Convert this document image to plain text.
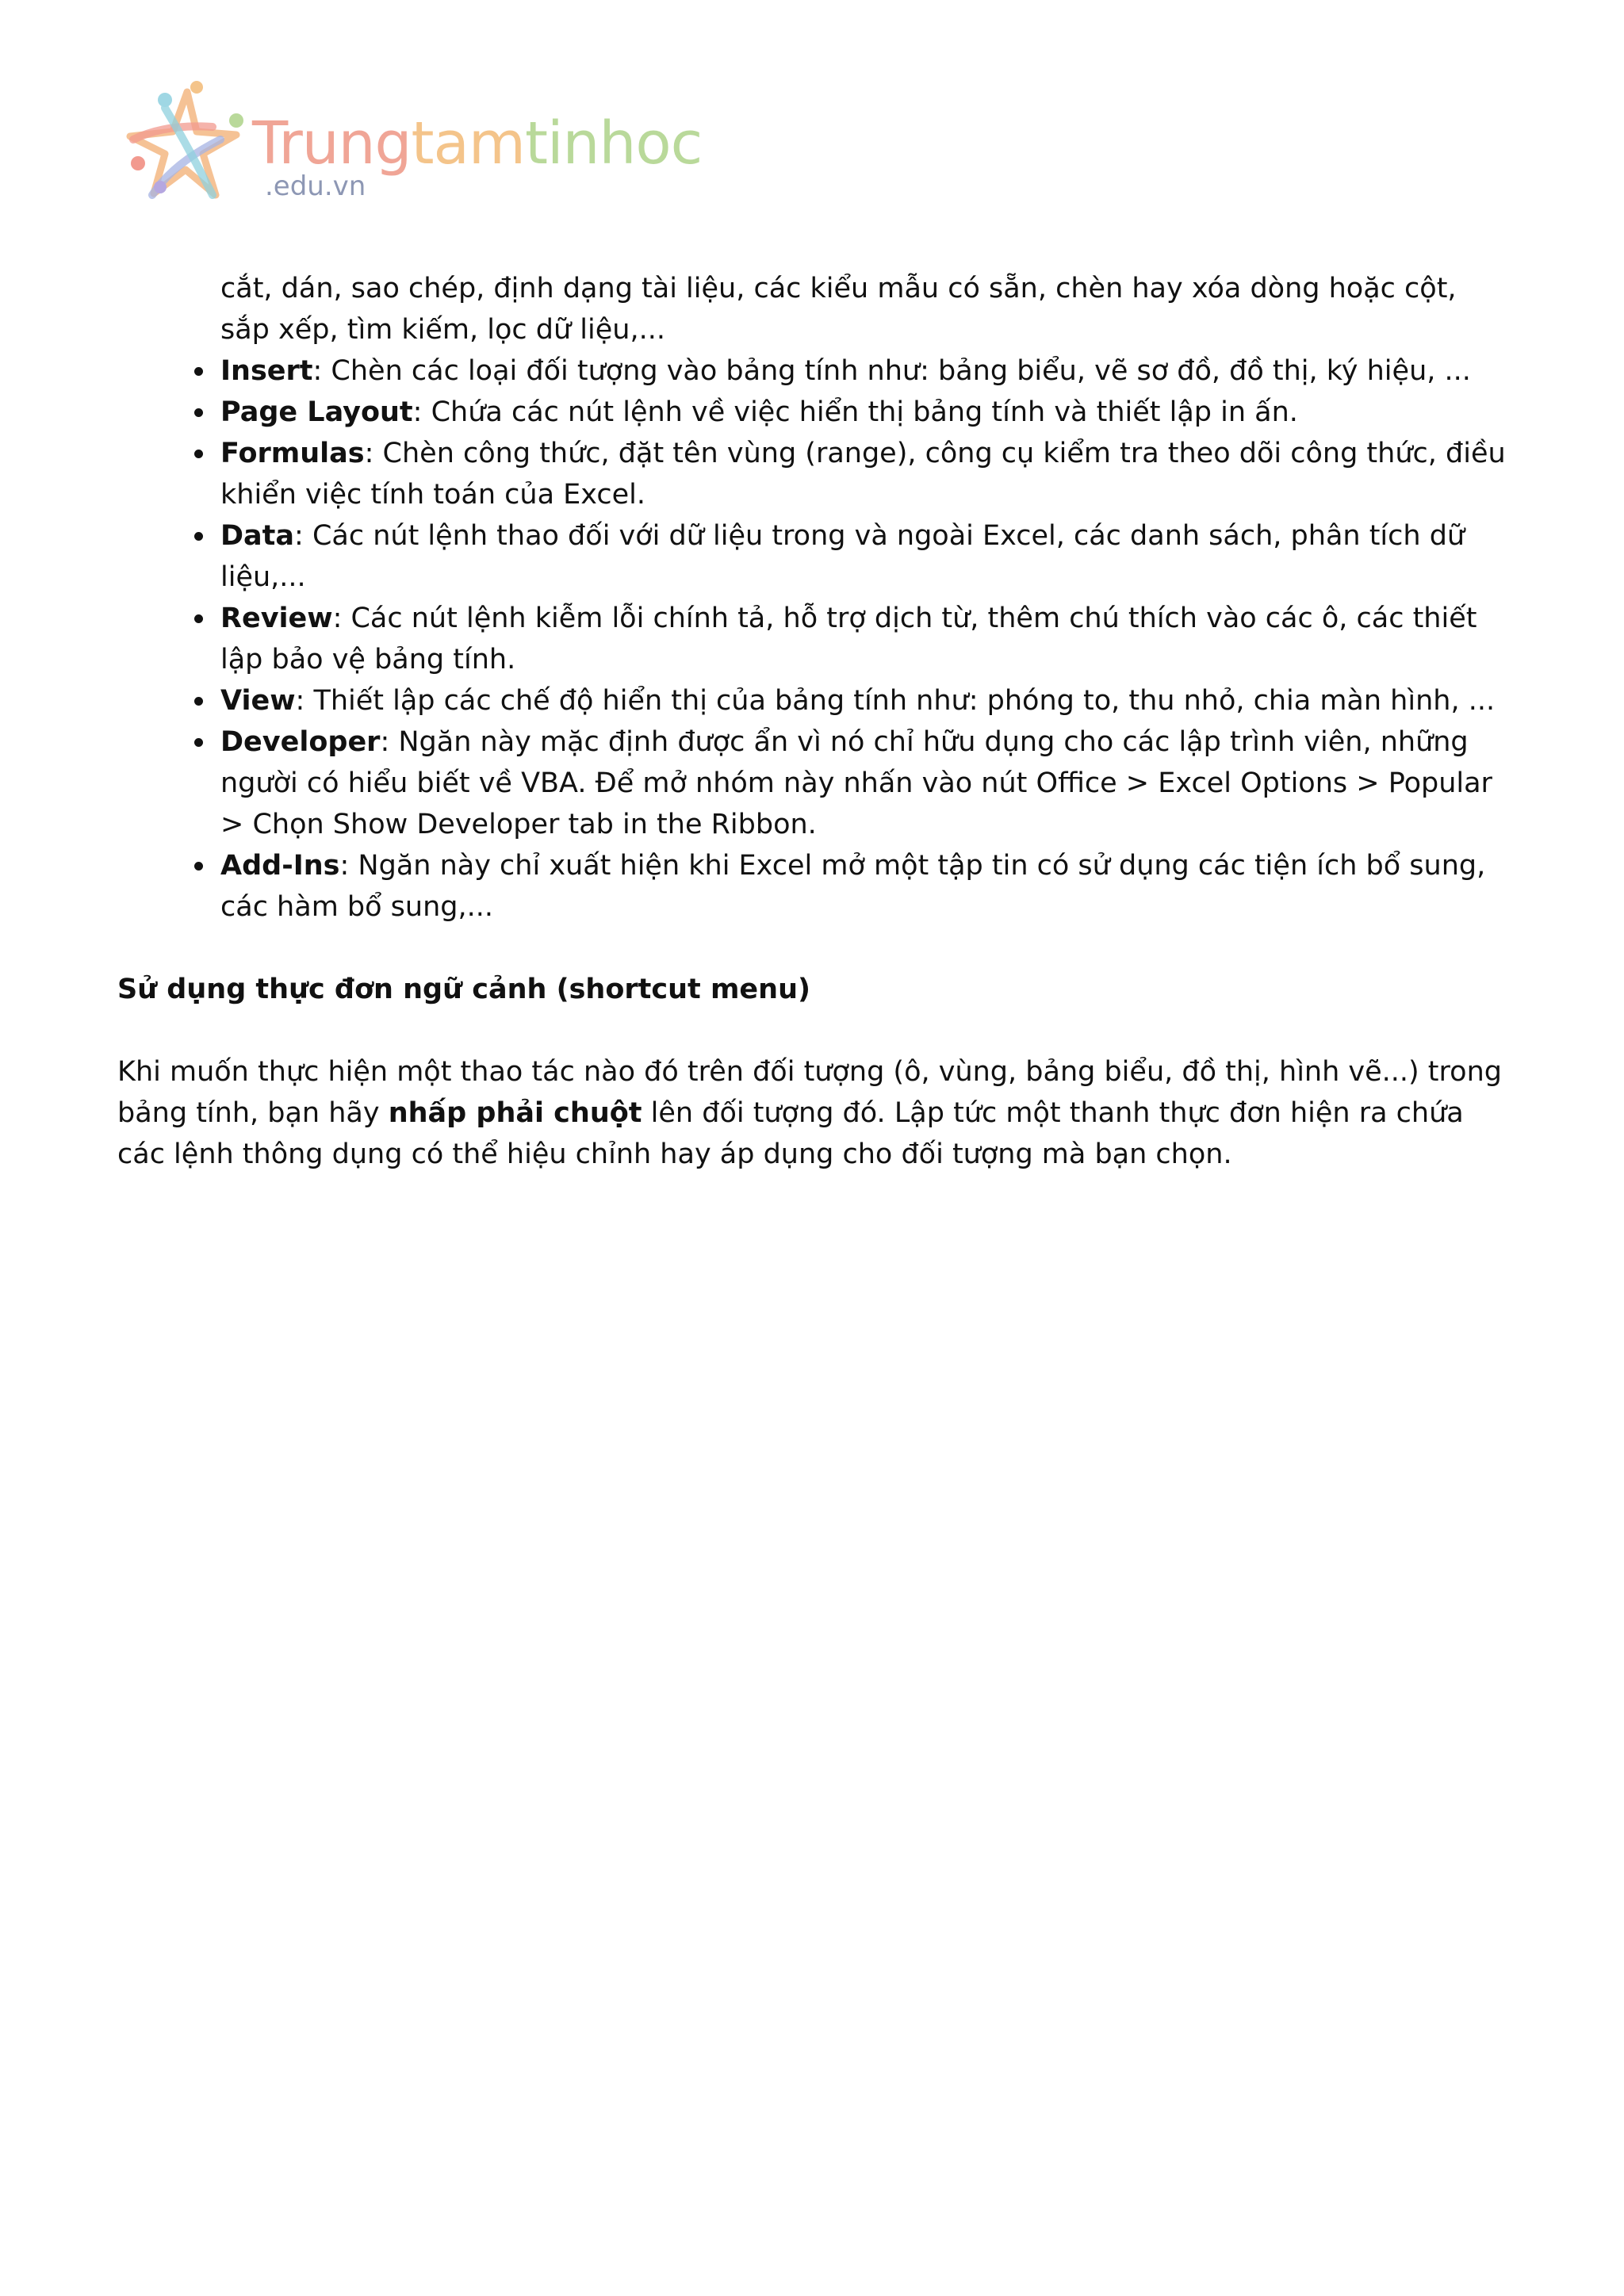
Trungtamtinhoc
.edu.vn

cắt, dán, sao chép, định dạng tài liệu, các kiểu mẫu có sẵn, chèn hay xóa dòng hoặc cột, sắp xếp, tìm kiếm, lọc dữ liệu,...

Insert: Chèn các loại đối tượng vào bảng tính như: bảng biểu, vẽ sơ đồ, đồ thị, ký hiệu, ...
Page Layout: Chứa các nút lệnh về việc hiển thị bảng tính và thiết lập in ấn.
Formulas: Chèn công thức, đặt tên vùng (range), công cụ kiểm tra theo dõi công thức, điều khiển việc tính toán của Excel.
Data: Các nút lệnh thao đối với dữ liệu trong và ngoài Excel, các danh sách, phân tích dữ liệu,...
Review: Các nút lệnh kiễm lỗi chính tả, hỗ trợ dịch từ, thêm chú thích vào các ô, các thiết lập bảo vệ bảng tính.
View: Thiết lập các chế độ hiển thị của bảng tính như: phóng to, thu nhỏ, chia màn hình, ...
Developer: Ngăn này mặc định được ẩn vì nó chỉ hữu dụng cho các lập trình viên, những người có hiểu biết về VBA. Để mở nhóm này nhấn vào nút Office > Excel Options > Popular > Chọn Show Developer tab in the Ribbon.
Add-Ins: Ngăn này chỉ xuất hiện khi Excel mở một tập tin có sử dụng các tiện ích bổ sung, các hàm bổ sung,...
Sử dụng thực đơn ngữ cảnh (shortcut menu)

Khi muốn thực hiện một thao tác nào đó trên đối tượng (ô, vùng, bảng biểu, đồ thị, hình vẽ...) trong bảng tính, bạn hãy nhấp phải chuột lên đối tượng đó. Lập tức một thanh thực đơn hiện ra chứa các lệnh thông dụng có thể hiệu chỉnh hay áp dụng cho đối tượng mà bạn chọn.
